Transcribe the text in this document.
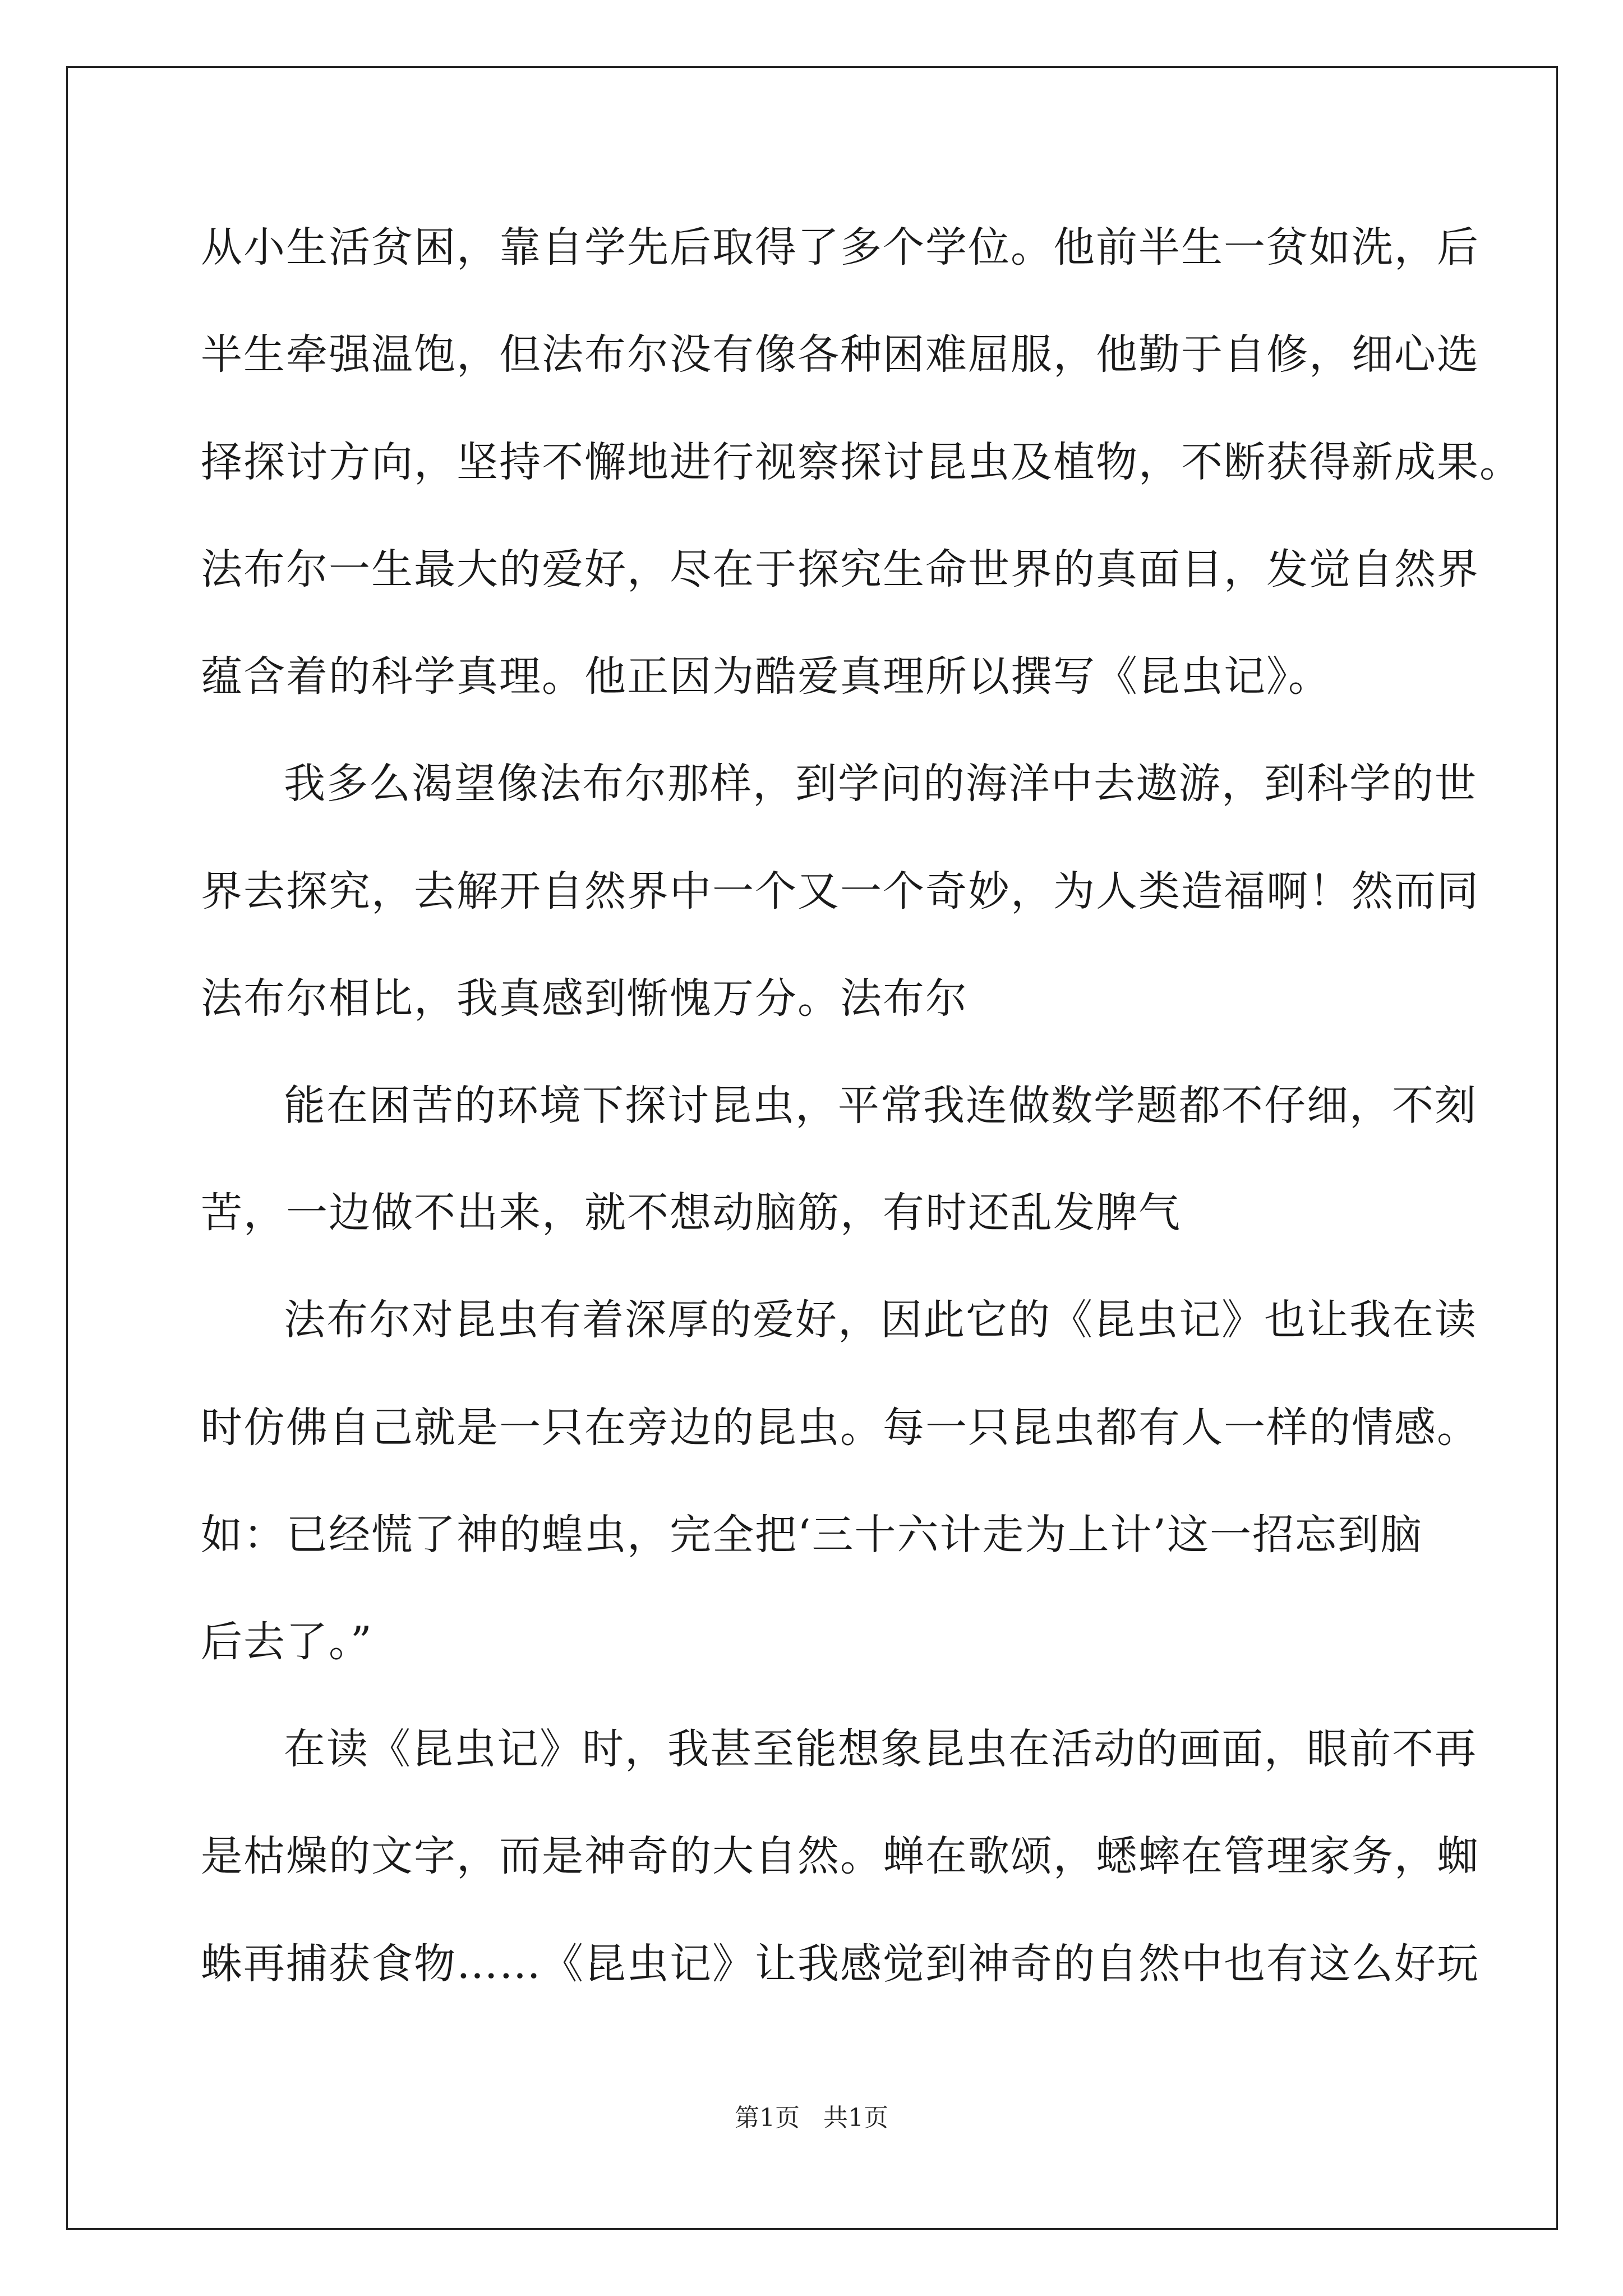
从小生活贫困，靠自学先后取得了多个学位。他前半生一贫如洗，后
半生牵强温饱，但法布尔没有像各种困难屈服，他勤于自修，细心选
择探讨方向，坚持不懈地进行视察探讨昆虫及植物，不断获得新成果。
法布尔一生最大的爱好，尽在于探究生命世界的真面目，发觉自然界
蕴含着的科学真理。他正因为酷爱真理所以撰写《昆虫记》。
我多么渴望像法布尔那样，到学问的海洋中去遨游，到科学的世
界去探究，去解开自然界中一个又一个奇妙，为人类造福啊！然而同
法布尔相比，我真感到惭愧万分。法布尔
能在困苦的环境下探讨昆虫，平常我连做数学题都不仔细，不刻
苦，一边做不出来，就不想动脑筋，有时还乱发脾气
法布尔对昆虫有着深厚的爱好，因此它的《昆虫记》也让我在读
时仿佛自己就是一只在旁边的昆虫。每一只昆虫都有人一样的情感。
如：已经慌了神的蝗虫，完全把‘三十六计走为上计’这一招忘到脑
后去了。”
在读《昆虫记》时，我甚至能想象昆虫在活动的画面，眼前不再
是枯燥的文字，而是神奇的大自然。蝉在歌颂，蟋蟀在管理家务，蜘
蛛再捕获食物……《昆虫记》让我感觉到神奇的自然中也有这么好玩
第1页 共1页
